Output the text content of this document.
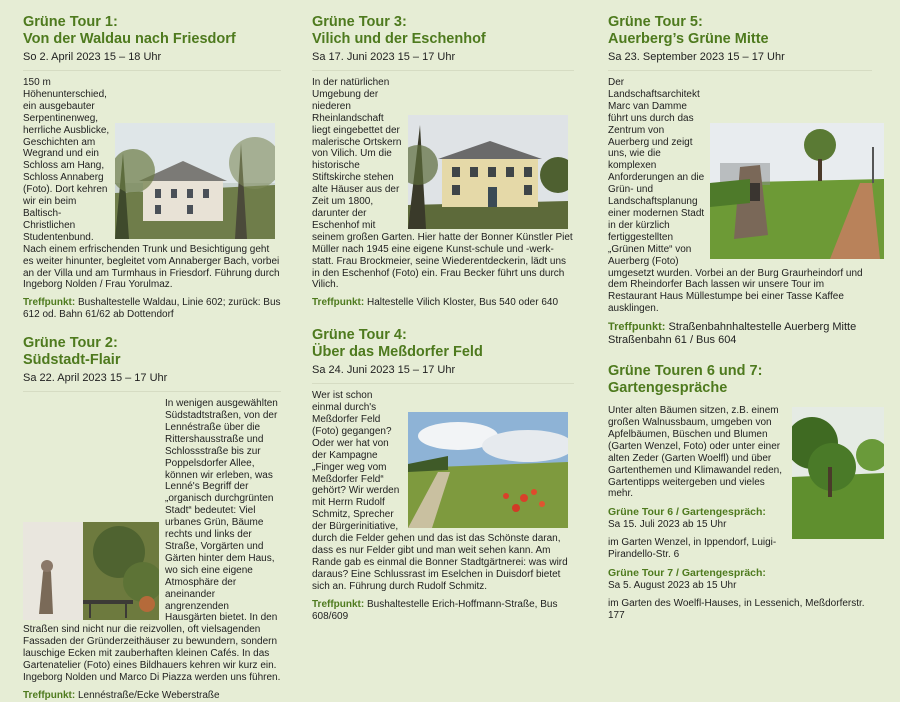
Grüne Tour 1:
Von der Waldau nach Friesdorf

So 2. April 2023 15 – 18 Uhr

150 m Höhenunterschied, ein ausgebauter Serpentinenweg, herrliche Ausblicke, Geschichten am Wegrand und ein Schloss am Hang, Schloss Annaberg (Foto). Dort kehren wir ein beim Baltisch-Christlichen Studentenbund. Nach einem erfrischenden Trunk und Besichtigung geht es weiter hinunter, begleitet vom Annaberger Bach, vorbei an der Villa und am Turmhaus in Friesdorf. Führung durch Ingeborg Nolden / Frau Yorulmaz.

Treffpunkt: Bushaltestelle Waldau, Linie 602; zurück: Bus 612 od. Bahn 61/62 ab Dottendorf

Grüne Tour 2:
Südstadt-Flair

Sa 22. April 2023 15 – 17 Uhr

In wenigen ausgewählten Südstadtstraßen, von der Lennéstraße über die Rittershausstraße und Schlossstraße bis zur Poppelsdorfer Allee, können wir erleben, was Lenné's Begriff der „organisch durchgrünten Stadt“ bedeutet: Viel urbanes Grün, Bäume rechts und links der Straße, Vorgärten und Gärten hinter dem Haus, wo sich eine eigene Atmosphäre der aneinander angrenzenden Hausgärten bietet. In den Straßen sind nicht nur die reizvollen, oft vielsagenden Fassaden der Gründerzeithäuser zu bewundern, sondern lauschige Ecken mit zauberhaften kleinen Cafés. In das Gartenatelier (Foto) eines Bildhauers kehren wir kurz ein. Ingeborg Nolden und Marco Di Piazza werden uns führen.

Treffpunkt: Lennéstraße/Ecke Weberstraße

Grüne Tour 3:
Vilich und der Eschenhof

Sa 17. Juni 2023 15 – 17 Uhr

In der natürlichen Umgebung der niederen Rheinlandschaft liegt eingebettet der malerische Ortskern von Vilich. Um die historische Stiftskirche stehen alte Häuser aus der Zeit um 1800, darunter der Eschenhof mit seinem großen Garten. Hier hatte der Bonner Künstler Piet Müller nach 1945 eine eigene Kunst-schule und -werk-statt. Frau Brockmeier, seine Wiederentdeckerin, lädt uns in den Eschenhof (Foto) ein. Frau Becker führt uns durch Vilich.

Treffpunkt: Haltestelle Vilich Kloster, Bus 540 oder 640

Grüne Tour 4:
Über das Meßdorfer Feld

Sa 24. Juni 2023 15 – 17 Uhr

Wer ist schon einmal durch's Meßdorfer Feld (Foto) gegangen? Oder wer hat von der Kampagne „Finger weg vom Meßdorfer Feld“ gehört? Wir werden mit Herrn Rudolf Schmitz, Sprecher der Bürgerinitiative, durch die Felder gehen und das ist das Schönste daran, dass es nur Felder gibt und man weit sehen kann. Am Rande gab es einmal die Bonner Stadtgärtnerei: was wird daraus? Eine Schlussrast im Eselchen in Duisdorf bietet sich an. Führung durch Rudolf Schmitz.

Treffpunkt: Bushaltestelle Erich-Hoffmann-Straße, Bus 608/609

Grüne Tour 5:
Auerberg’s Grüne Mitte

Sa 23. September 2023 15 – 17 Uhr

Der Landschaftsarchitekt Marc van Damme führt uns durch das Zentrum von Auerberg und zeigt uns, wie die komplexen Anforderungen an die Grün- und Landschaftsplanung einer modernen Stadt in der kürzlich fertiggestellten „Grünen Mitte“ von Auerberg (Foto) umgesetzt wurden. Vorbei an der Burg Graurheindorf und dem Rheindorfer Bach lassen wir unsere Tour im Restaurant Haus Müllestumpe bei einer Tasse Kaffee ausklingen.

Treffpunkt: Straßenbahnhaltestelle Auerberg Mitte Straßenbahn 61 / Bus 604

Grüne Touren 6 und 7:
Gartengespräche

Unter alten Bäumen sitzen, z.B. einem großen Walnussbaum, umgeben von Apfelbäumen, Büschen und Blumen (Garten Wenzel, Foto) oder unter einer alten Zeder (Garten Woelfl) und über Gartenthemen und Klimawandel reden, Gartentipps weitergeben und vieles mehr.

Grüne Tour 6 / Gartengespräch:

Sa 15. Juli 2023 ab 15 Uhr

im Garten Wenzel, in Ippendorf, Luigi-Pirandello-Str. 6

Grüne Tour 7 / Gartengespräch:

Sa 5. August 2023 ab 15 Uhr

im Garten des Woelfl-Hauses, in Lessenich, Meßdorferstr. 177
